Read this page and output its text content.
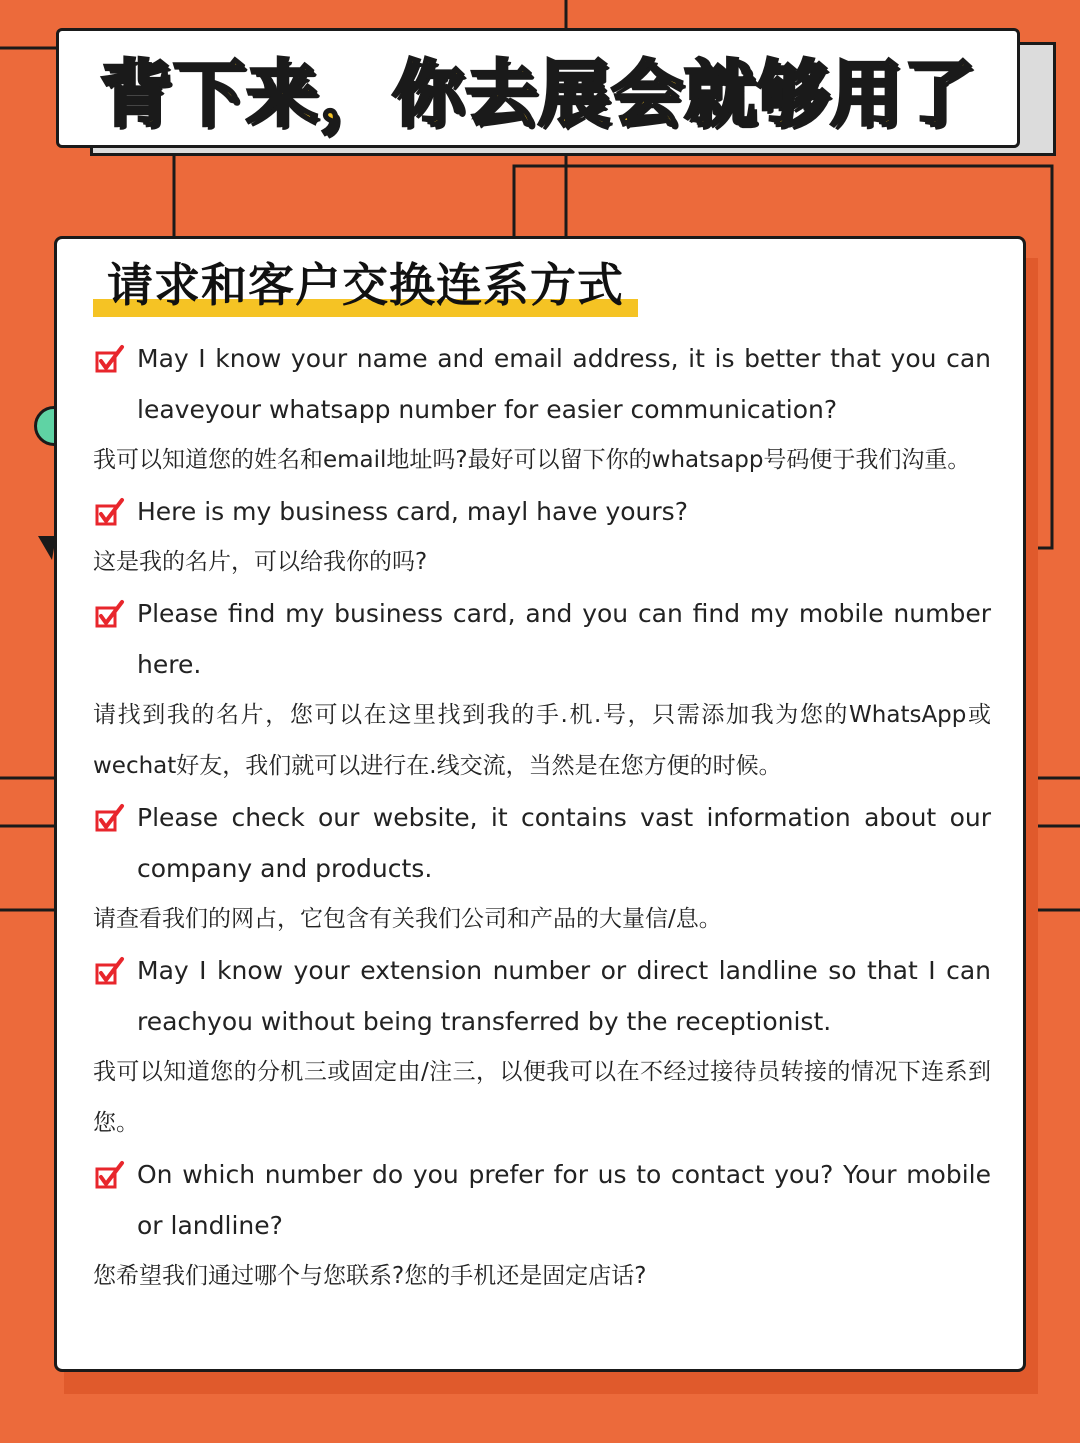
背下来，你去展会就够用了
请求和客户交换连系方式
May I know your name and email address, it is better that you can leaveyour whatsapp number for easier communication?
我可以知道您的姓名和email地址吗?最好可以留下你的whatsapp号码便于我们沟重。
Here is my business card, mayl have yours?
这是我的名片，可以给我你的吗?
Please find my business card, and you can find my mobile number here.
请找到我的名片，您可以在这里找到我的手.机.号，只需添加我为您的WhatsApp或wechat好友，我们就可以进行在.线交流，当然是在您方便的时候。
Please check our website, it contains vast information about our company and products.
请查看我们的网占，它包含有关我们公司和产品的大量信/息。
May I know your extension number or direct landline so that I can reachyou without being transferred by the receptionist.
我可以知道您的分机三或固定由/注三，以便我可以在不经过接待员转接的情况下连系到您。
On which number do you prefer for us to contact you? Your mobile or landline?
您希望我们通过哪个与您联系?您的手机还是固定店话?
